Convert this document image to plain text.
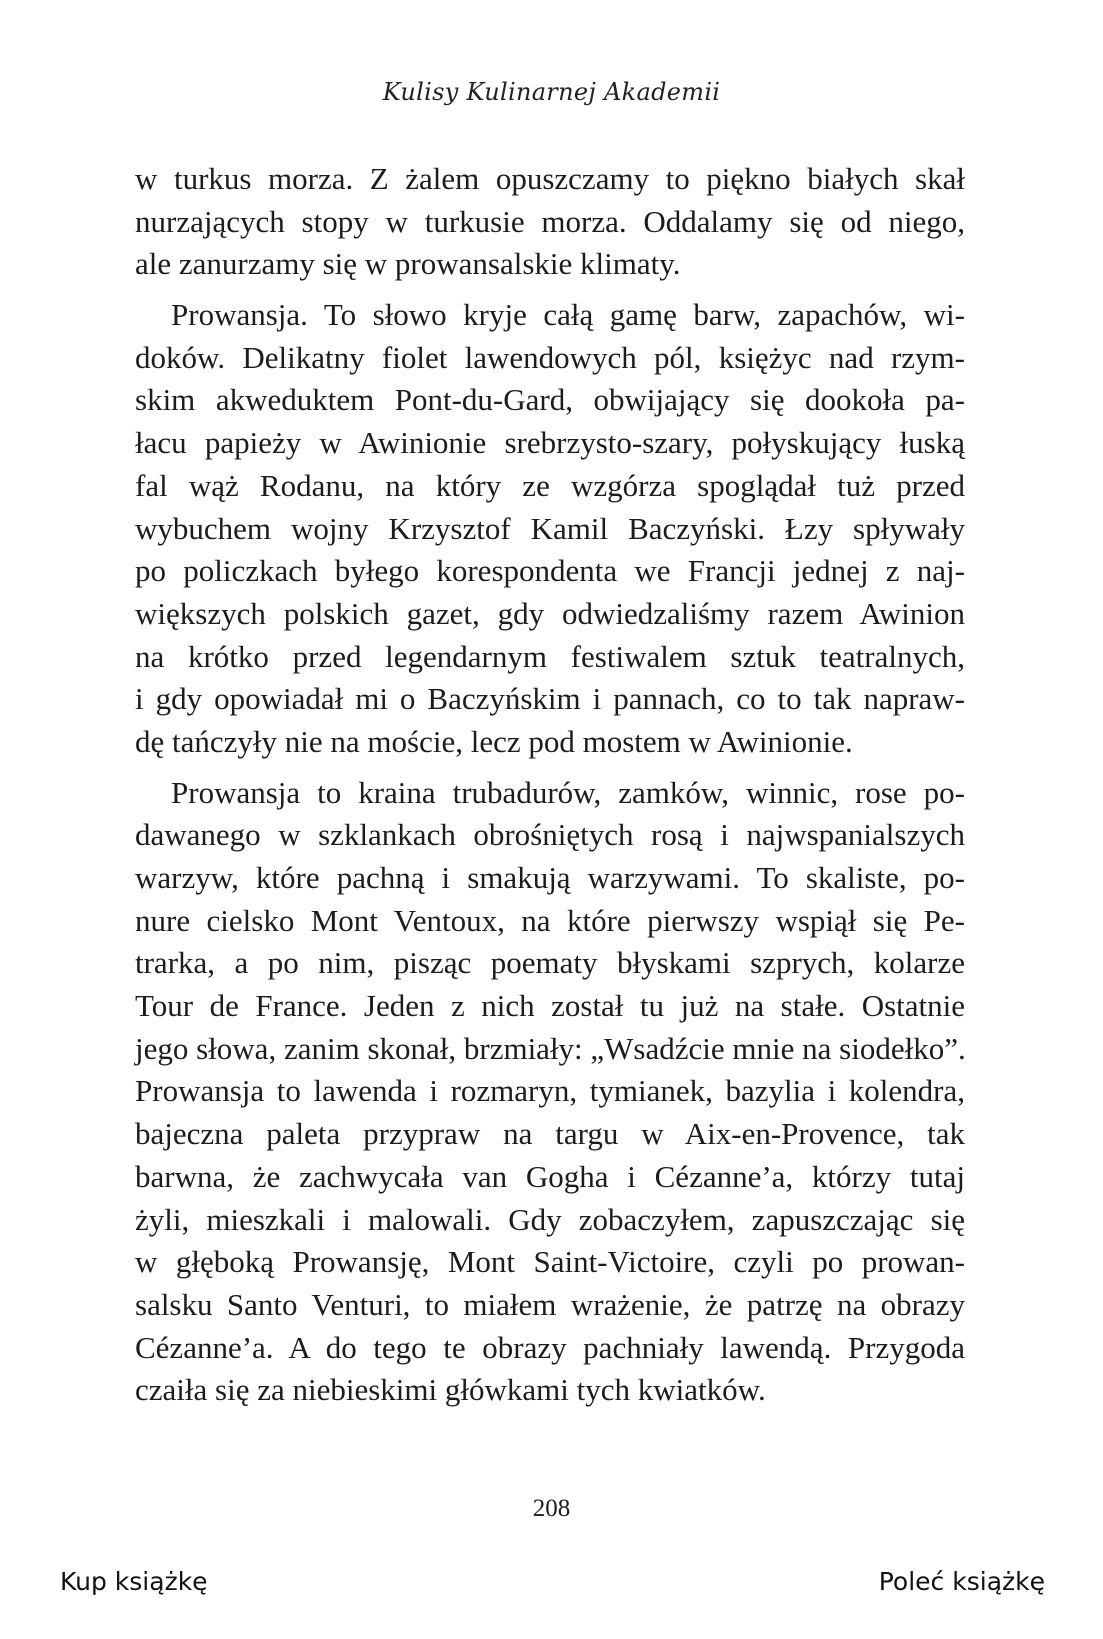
Kulisy Kulinarnej Akademii
w turkus morza. Z żalem opuszczamy to piękno białych skał
nurzających stopy w turkusie morza. Oddalamy się od niego,
ale zanurzamy się w prowansalskie klimaty.
Prowansja. To słowo kryje całą gamę barw, zapachów, wi-
doków. Delikatny fiolet lawendowych pól, księżyc nad rzym-
skim akweduktem Pont-du-Gard, obwijający się dookoła pa-
łacu papieży w Awinionie srebrzysto-szary, połyskujący łuską
fal wąż Rodanu, na który ze wzgórza spoglądał tuż przed
wybuchem wojny Krzysztof Kamil Baczyński. Łzy spływały
po policzkach byłego korespondenta we Francji jednej z naj-
większych polskich gazet, gdy odwiedzaliśmy razem Awinion
na krótko przed legendarnym festiwalem sztuk teatralnych,
i gdy opowiadał mi o Baczyńskim i pannach, co to tak napraw-
dę tańczyły nie na moście, lecz pod mostem w Awinionie.
Prowansja to kraina trubadurów, zamków, winnic, rose po-
dawanego w szklankach obrośniętych rosą i najwspanialszych
warzyw, które pachną i smakują warzywami. To skaliste, po-
nure cielsko Mont Ventoux, na które pierwszy wspiął się Pe-
trarka, a po nim, pisząc poematy błyskami szprych, kolarze
Tour de France. Jeden z nich został tu już na stałe. Ostatnie
jego słowa, zanim skonał, brzmiały: „Wsadźcie mnie na siodełko”.
Prowansja to lawenda i rozmaryn, tymianek, bazylia i kolendra,
bajeczna paleta przypraw na targu w Aix-en-Provence, tak
barwna, że zachwycała van Gogha i Cézanne’a, którzy tutaj
żyli, mieszkali i malowali. Gdy zobaczyłem, zapuszczając się
w głęboką Prowansję, Mont Saint-Victoire, czyli po prowan-
salsku Santo Venturi, to miałem wrażenie, że patrzę na obrazy
Cézanne’a. A do tego te obrazy pachniały lawendą. Przygoda
czaiła się za niebieskimi główkami tych kwiatków.
208
Kup książkę	Poleć książkę
